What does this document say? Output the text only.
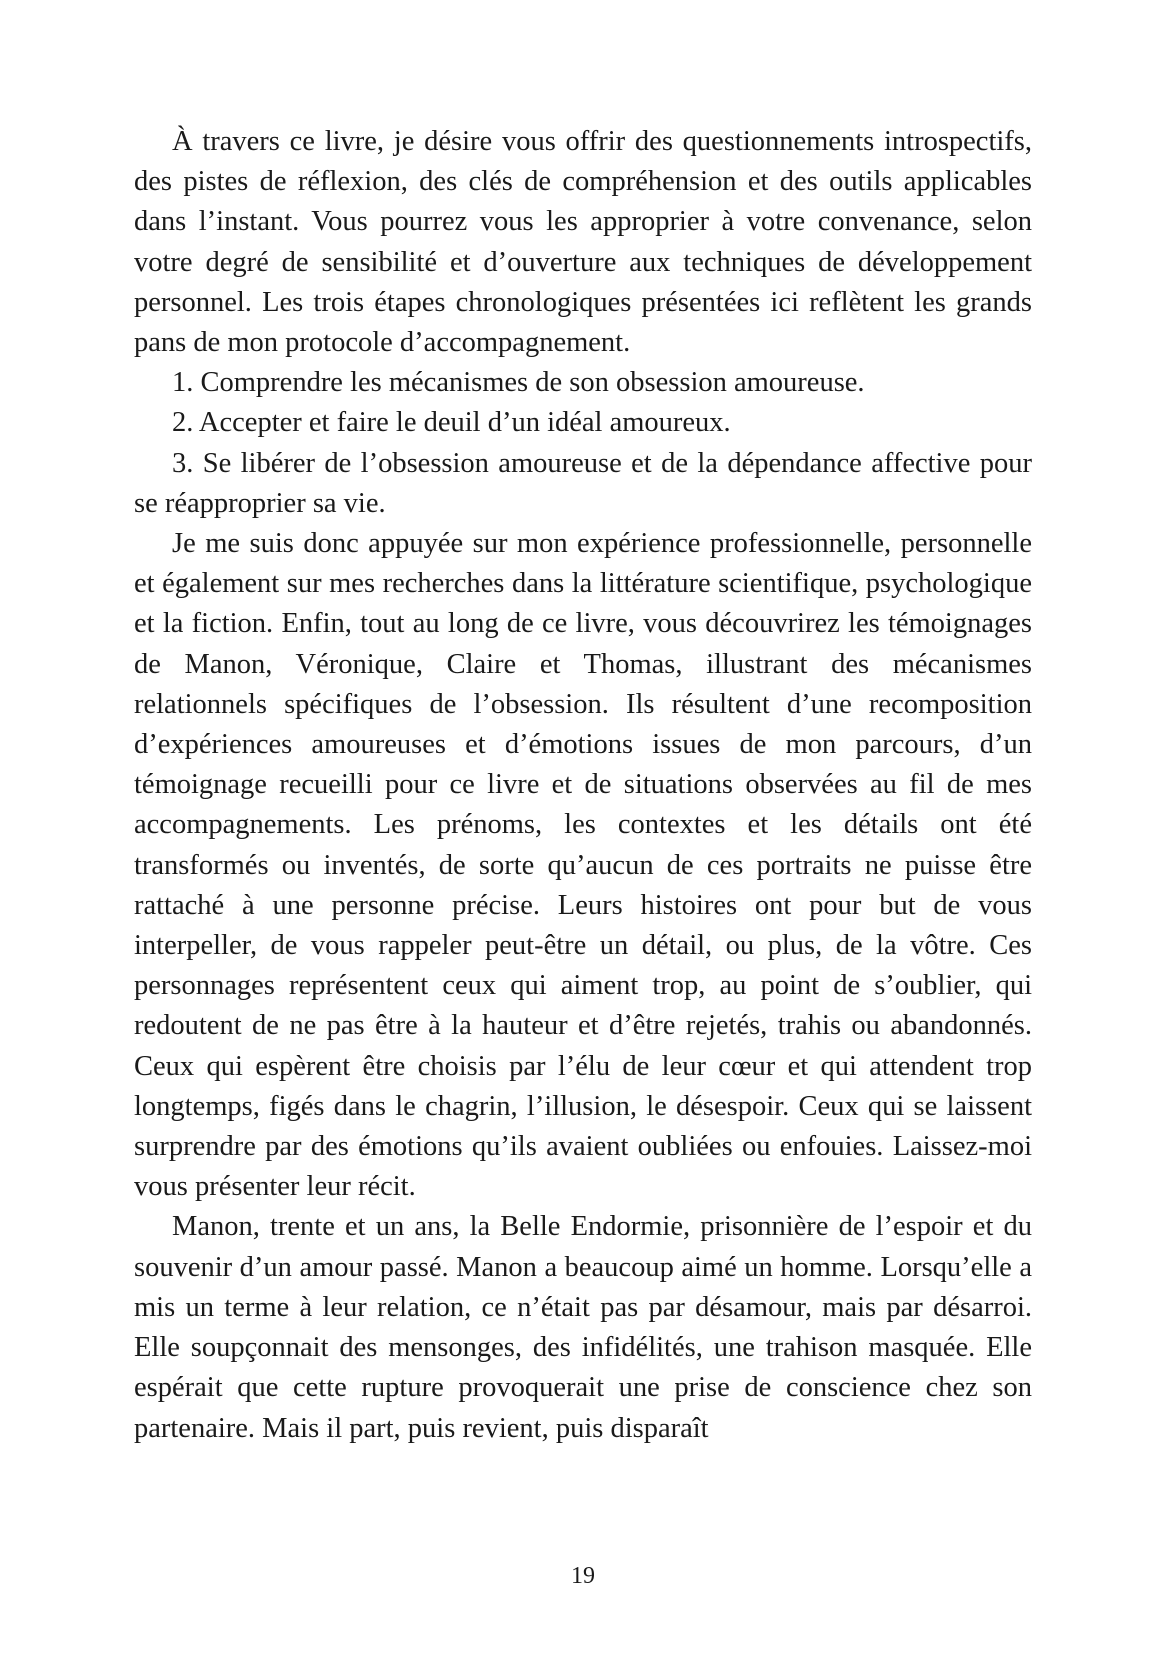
À travers ce livre, je désire vous offrir des questionnements introspectifs, des pistes de réflexion, des clés de compréhension et des outils applicables dans l’instant. Vous pourrez vous les approprier à votre convenance, selon votre degré de sensibilité et d’ouverture aux techniques de développement personnel. Les trois étapes chronologiques présentées ici reflètent les grands pans de mon protocole d’accompagnement.

1. Comprendre les mécanismes de son obsession amoureuse.

2. Accepter et faire le deuil d’un idéal amoureux.

3. Se libérer de l’obsession amoureuse et de la dépendance affective pour se réapproprier sa vie.

Je me suis donc appuyée sur mon expérience professionnelle, personnelle et également sur mes recherches dans la littérature scientifique, psychologique et la fiction. Enfin, tout au long de ce livre, vous découvrirez les témoignages de Manon, Véronique, Claire et Thomas, illustrant des mécanismes relationnels spécifiques de l’obsession. Ils résultent d’une recomposition d’expériences amoureuses et d’émotions issues de mon parcours, d’un témoignage recueilli pour ce livre et de situations observées au fil de mes accompagnements. Les prénoms, les contextes et les détails ont été transformés ou inventés, de sorte qu’aucun de ces portraits ne puisse être rattaché à une personne précise. Leurs histoires ont pour but de vous interpeller, de vous rappeler peut-être un détail, ou plus, de la vôtre. Ces personnages représentent ceux qui aiment trop, au point de s’oublier, qui redoutent de ne pas être à la hauteur et d’être rejetés, trahis ou abandonnés. Ceux qui espèrent être choisis par l’élu de leur cœur et qui attendent trop longtemps, figés dans le chagrin, l’illusion, le désespoir. Ceux qui se laissent surprendre par des émotions qu’ils avaient oubliées ou enfouies. Laissez-moi vous présenter leur récit.

Manon, trente et un ans, la Belle Endormie, prisonnière de l’espoir et du souvenir d’un amour passé. Manon a beaucoup aimé un homme. Lorsqu’elle a mis un terme à leur relation, ce n’était pas par désamour, mais par désarroi. Elle soupçonnait des mensonges, des infidélités, une trahison masquée. Elle espérait que cette rupture provoquerait une prise de conscience chez son partenaire. Mais il part, puis revient, puis disparaît

19
